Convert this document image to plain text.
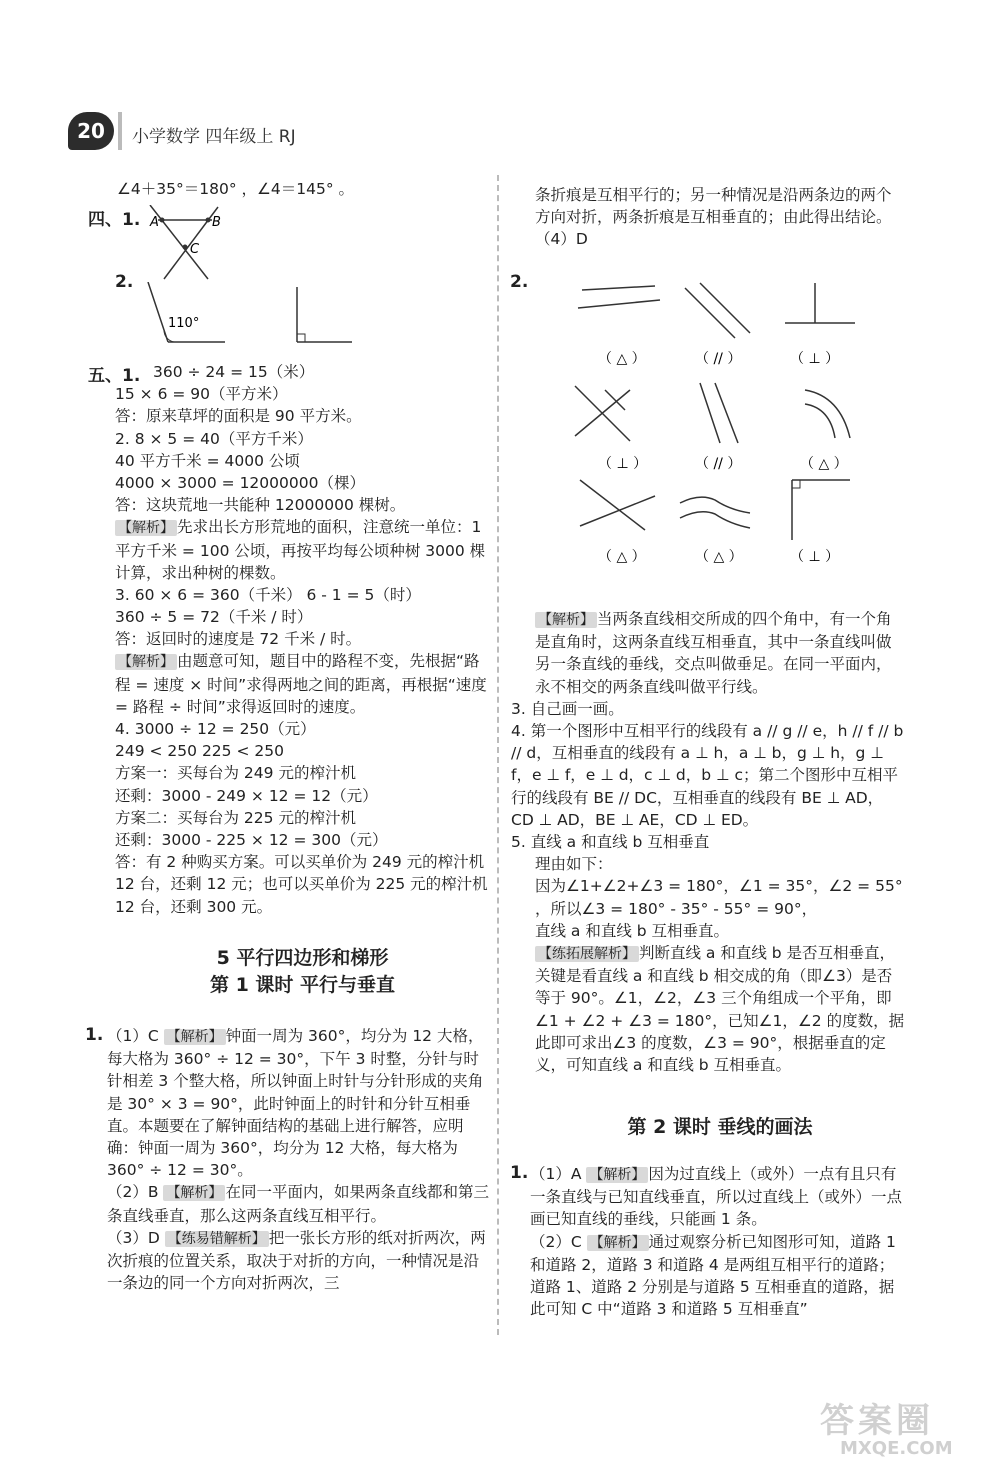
20	小学数学 四年级上 RJ
∠4＋35°＝180° ，∠4＝145° 。
四、1. A	B
C
2.
110°
五、1. 360 ÷ 24 = 15（米）
15 × 6 = 90（平方米）
答：原来草坪的面积是 90 平方米。
2. 8 × 5 = 40（平方千米）
40 平方千米 = 4000 公顷
4000 × 3000 = 12000000（棵）
答：这块荒地一共能种 12000000 棵树。
【解析】 先求出长方形荒地的面积，注意统一单位：1 平方千米 = 100 公顷，再按平均每公顷种树 3000 棵计算，求出种树的棵数。
3. 60 × 6 = 360（千米） 6 - 1 = 5（时）
360 ÷ 5 = 72（千米 / 时）
答：返回时的速度是 72 千米 / 时。
【解析】 由题意可知，题目中的路程不变，先根据“路程 = 速度 × 时间”求得两地之间的距离，再根据“速度 = 路程 ÷ 时间”求得返回时的速度。
4. 3000 ÷ 12 = 250（元）
249 < 250 225 < 250
方案一：买每台为 249 元的榨汁机
还剩：3000 - 249 × 12 = 12（元）
方案二：买每台为 225 元的榨汁机
还剩：3000 - 225 × 12 = 300（元）
答：有 2 种购买方案。可以买单价为 249 元的榨汁机 12 台，还剩 12 元；也可以买单价为 225 元的榨汁机 12 台，还剩 300 元。
5 平行四边形和梯形
第 1 课时 平行与垂直
1. （1）C 【解析】 钟面一周为 360°，均分为 12 大格，每大格为 360° ÷ 12 = 30°，下午 3 时整，分针与时针相差 3 个整大格，所以钟面上时针与分针形成的夹角是 30° × 3 = 90°，此时钟面上的时针和分针互相垂直。本题要在了解钟面结构的基础上进行解答，应明确：钟面一周为 360°，均分为 12 大格，每大格为 360° ÷ 12 = 30°。
（2）B 【解析】 在同一平面内，如果两条直线都和第三条直线垂直，那么这两条直线互相平行。
（3）D 【练易错解析】 把一张长方形的纸对折两次，两次折痕的位置关系，取决于对折的方向，一种情况是沿一条边的同一个方向对折两次，三
条折痕是互相平行的；另一种情况是沿两条边的两个方向对折，两条折痕是互相垂直的；由此得出结论。
（4）D
2.
（ △ ）	（ // ）	（ ⊥ ）
（ ⊥ ）	（ // ）	（ △ ）
（ △ ）	（ △ ）	（ ⊥ ）
【解析】 当两条直线相交所成的四个角中，有一个角是直角时，这两条直线互相垂直，其中一条直线叫做另一条直线的垂线，交点叫做垂足。在同一平面内，永不相交的两条直线叫做平行线。
3. 自己画一画。
4. 第一个图形中互相平行的线段有 a // g // e，h // f // b // d，互相垂直的线段有 a ⊥ h，a ⊥ b，g ⊥ h，g ⊥ f，e ⊥ f，e ⊥ d，c ⊥ d，b ⊥ c；第二个图形中互相平行的线段有 BE // DC，互相垂直的线段有 BE ⊥ AD，CD ⊥ AD，BE ⊥ AE，CD ⊥ ED。
5. 直线 a 和直线 b 互相垂直
理由如下：
因为∠1+∠2+∠3 = 180°，∠1 = 35°，∠2 = 55°
，所以∠3 = 180° - 35° - 55° = 90°，
直线 a 和直线 b 互相垂直。
【练拓展解析】 判断直线 a 和直线 b 是否互相垂直，关键是看直线 a 和直线 b 相交成的角（即∠3）是否等于 90°。∠1，∠2，∠3 三个角组成一个平角，即∠1 + ∠2 + ∠3 = 180°，已知∠1，∠2 的度数，据此即可求出∠3 的度数，∠3 = 90°，根据垂直的定义，可知直线 a 和直线 b 互相垂直。
第 2 课时 垂线的画法
1. （1）A 【解析】 因为过直线上（或外）一点有且只有一条直线与已知直线垂直，所以过直线上（或外）一点画已知直线的垂线，只能画 1 条。
（2）C 【解析】 通过观察分析已知图形可知，道路 1 和道路 2，道路 3 和道路 4 是两组互相平行的道路；道路 1、道路 2 分别是与道路 5 互相垂直的道路，据此可知 C 中“道路 3 和道路 5 互相垂直”
答案圈
MXQE.COM
